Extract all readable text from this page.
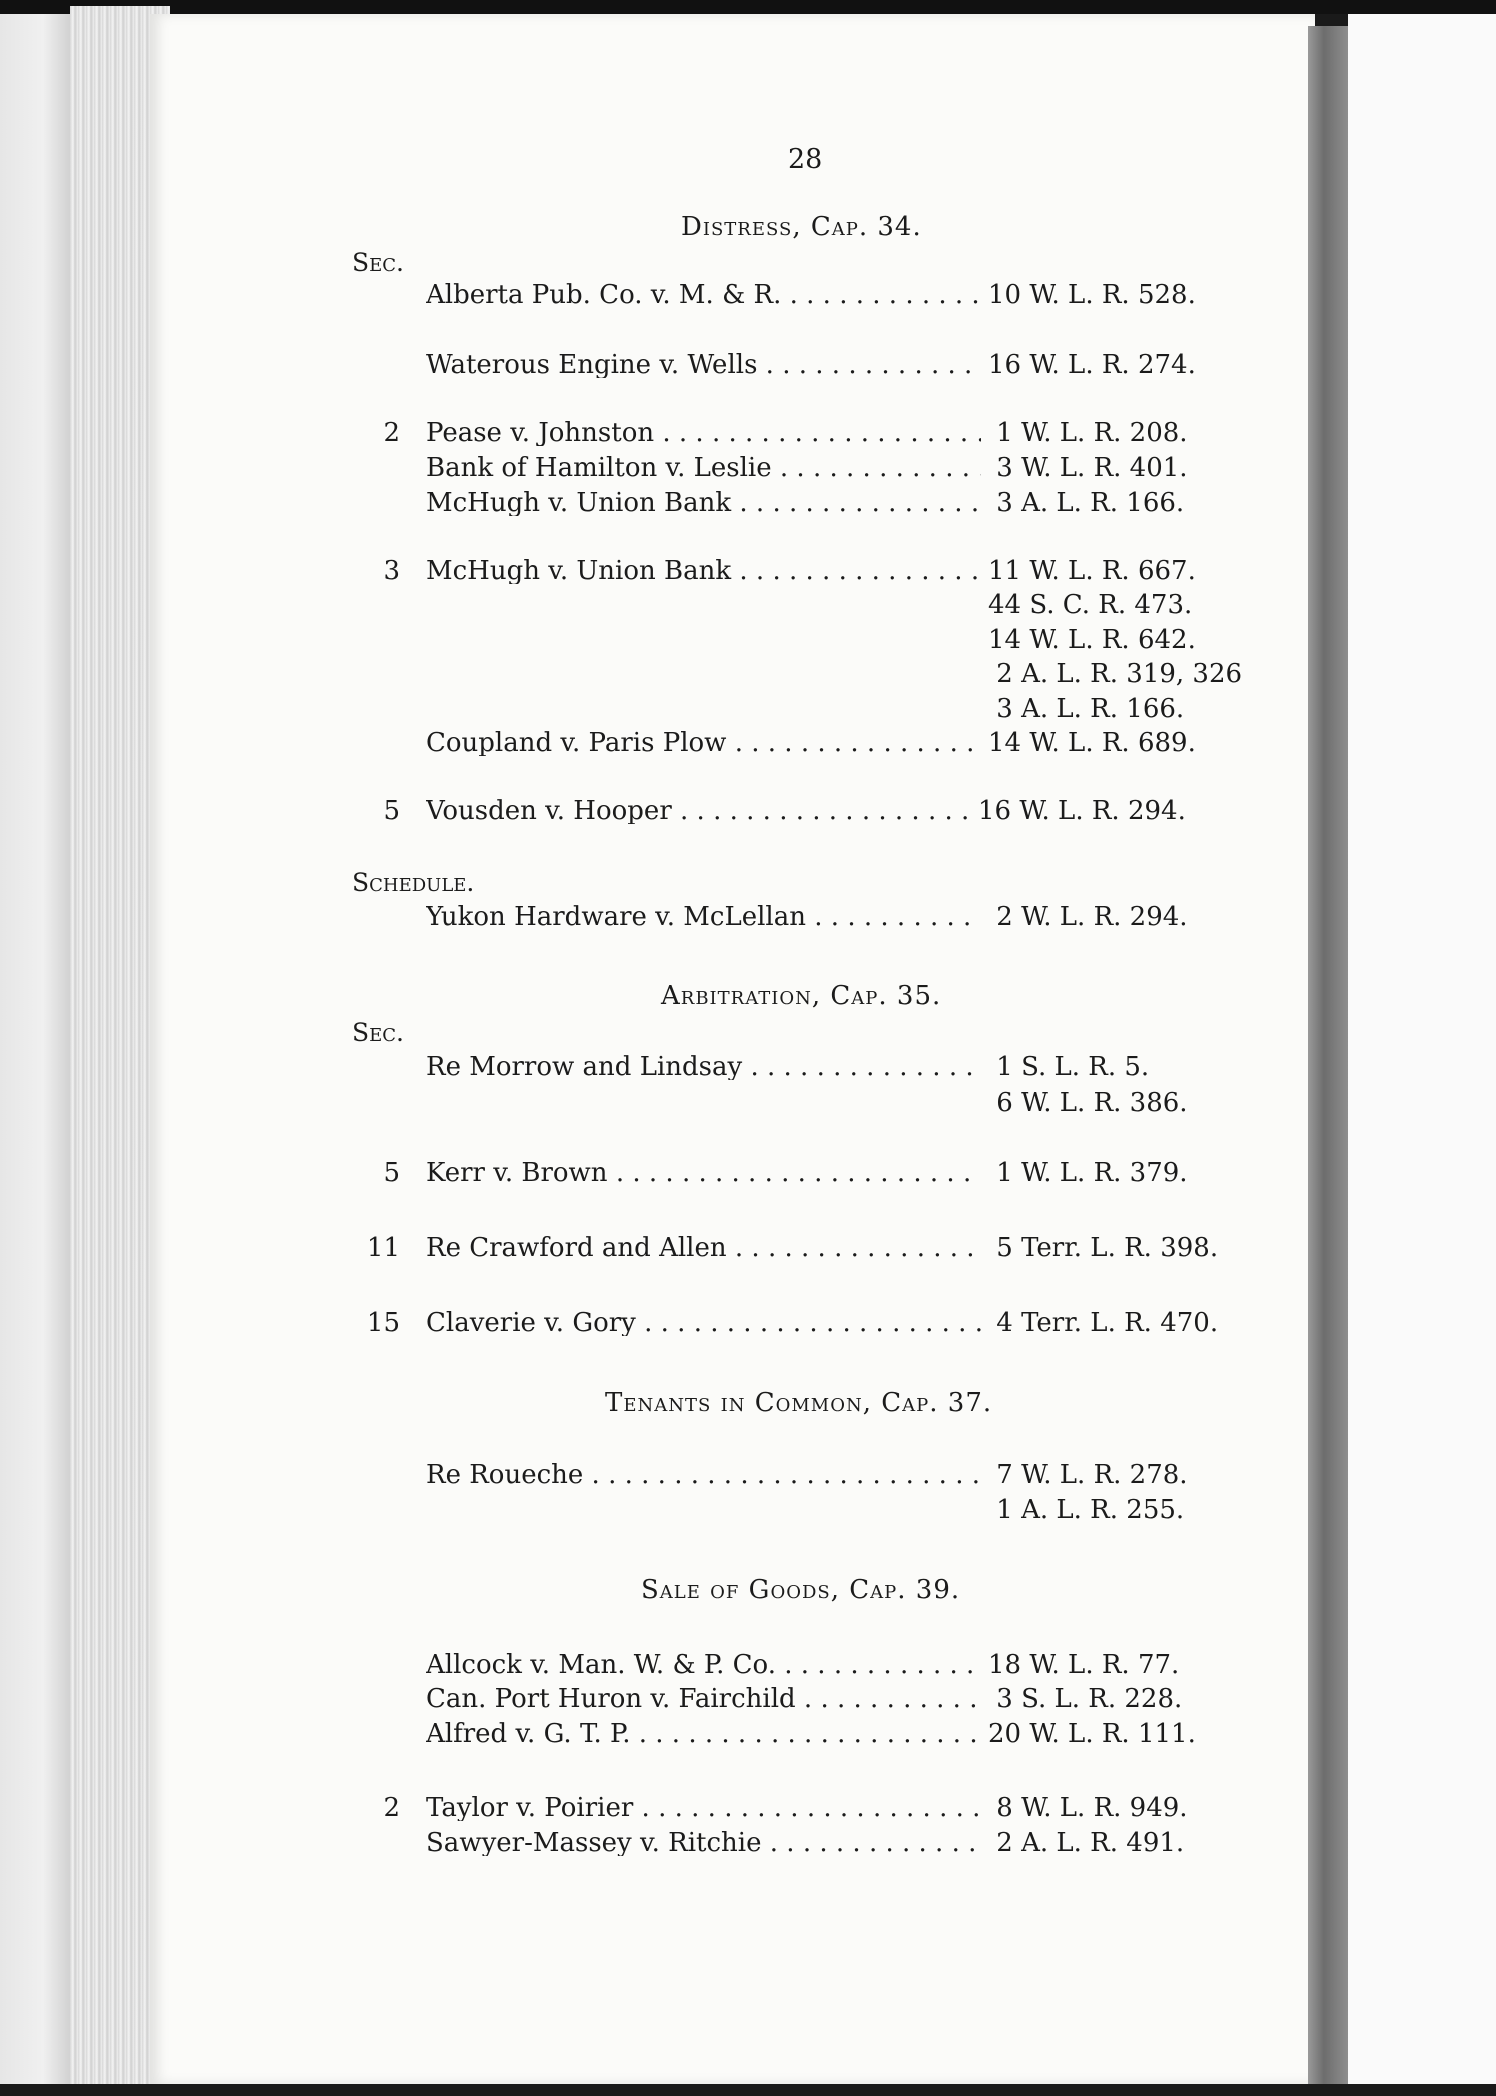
28
Distress, Cap. 34.
Arbitration, Cap. 35.
Tenants in Common, Cap. 37.
Sale of Goods, Cap. 39.
Sec.
Schedule.
Sec.
Alberta Pub. Co. v. M. & R. . . .	10 W. L. R. 528.
Waterous Engine v. Wells . . .	16 W. L. R. 274.
2 Pease v. Johnston . . .	1 W. L. R. 208.
Bank of Hamilton v. Leslie . . .	3 W. L. R. 401.
McHugh v. Union Bank . . .	3 A. L. R. 166.
3 McHugh v. Union Bank . . .	11 W. L. R. 667.
44 S. C. R. 473.
14 W. L. R. 642.
2 A. L. R. 319, 326
3 A. L. R. 166.
Coupland v. Paris Plow . . .	14 W. L. R. 689.
5 Vousden v. Hooper . . .	16 W. L. R. 294.
Yukon Hardware v. McLellan . . .	2 W. L. R. 294.
Re Morrow and Lindsay . . .	1 S. L. R. 5.
6 W. L. R. 386.
5 Kerr v. Brown . . .	1 W. L. R. 379.
11 Re Crawford and Allen . . .	5 Terr. L. R. 398.
15 Claverie v. Gory . . .	4 Terr. L. R. 470.
Re Roueche . . .	7 W. L. R. 278.
1 A. L. R. 255.
Allcock v. Man. W. & P. Co. . . .	18 W. L. R. 77.
Can. Port Huron v. Fairchild . . .	3 S. L. R. 228.
Alfred v. G. T. P. . . .	20 W. L. R. 111.
2 Taylor v. Poirier . . .	8 W. L. R. 949.
Sawyer-Massey v. Ritchie . . .	2 A. L. R. 491.
